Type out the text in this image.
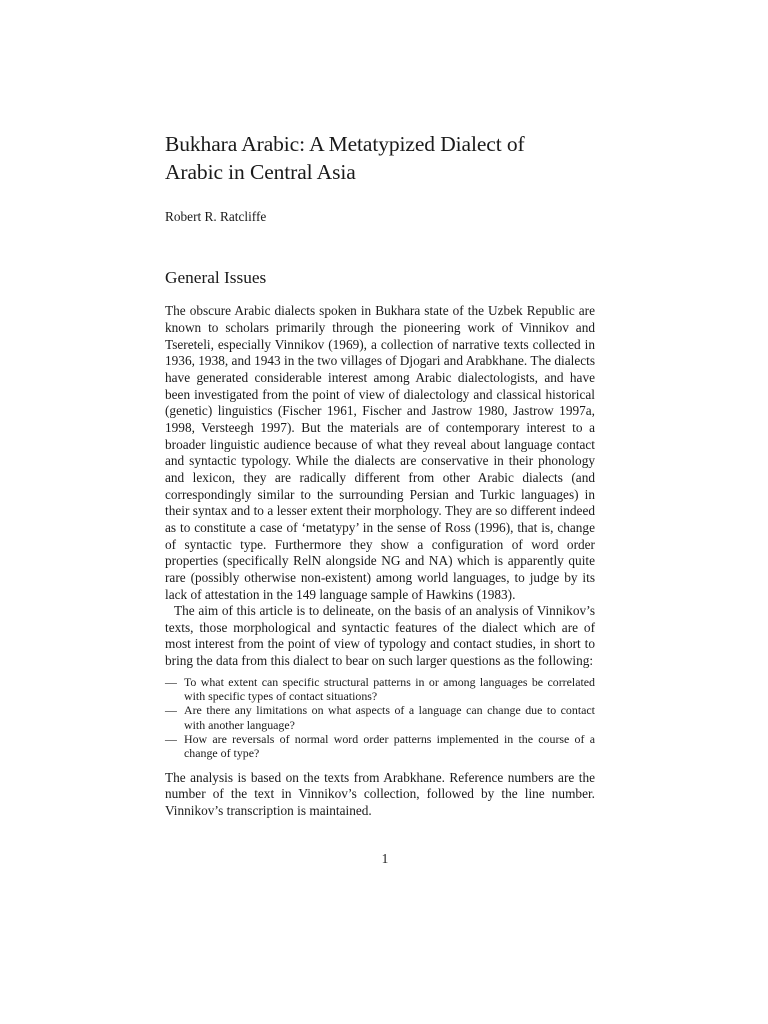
Bukhara Arabic: A Metatypized Dialect of
Arabic in Central Asia
Robert R. Ratcliffe
General Issues

The obscure Arabic dialects spoken in Bukhara state of the Uzbek Republic are known to scholars primarily through the pioneering work of Vinnikov and Tsereteli, especially Vinnikov (1969), a collection of narrative texts collected in 1936, 1938, and 1943 in the two villages of Djogari and Arabkhane. The dialects have generated considerable interest among Arabic dialectologists, and have been investigated from the point of view of dialectology and classical historical (genetic) linguistics (Fischer 1961, Fischer and Jastrow 1980, Jastrow 1997a, 1998, Versteegh 1997). But the materials are of contemporary interest to a broader linguistic audience because of what they reveal about language contact and syntactic typology. While the dialects are conservative in their phonology and lexicon, they are radically different from other Arabic dialects (and correspondingly similar to the surrounding Persian and Turkic languages) in their syntax and to a lesser extent their morphology. They are so different indeed as to constitute a case of ‘metatypy’ in the sense of Ross (1996), that is, change of syntactic type. Furthermore they show a configuration of word order properties (specifically RelN alongside NG and NA) which is apparently quite rare (possibly otherwise non-existent) among world languages, to judge by its lack of attestation in the 149 language sample of Hawkins (1983).

The aim of this article is to delineate, on the basis of an analysis of Vinnikov’s texts, those morphological and syntactic features of the dialect which are of most interest from the point of view of typology and contact studies, in short to bring the data from this dialect to bear on such larger questions as the following:

— To what extent can specific structural patterns in or among languages be correlated with specific types of contact situations?
— Are there any limitations on what aspects of a language can change due to contact with another language?
— How are reversals of normal word order patterns implemented in the course of a change of type?

The analysis is based on the texts from Arabkhane. Reference numbers are the number of the text in Vinnikov’s collection, followed by the line number. Vinnikov’s transcription is maintained.

1
